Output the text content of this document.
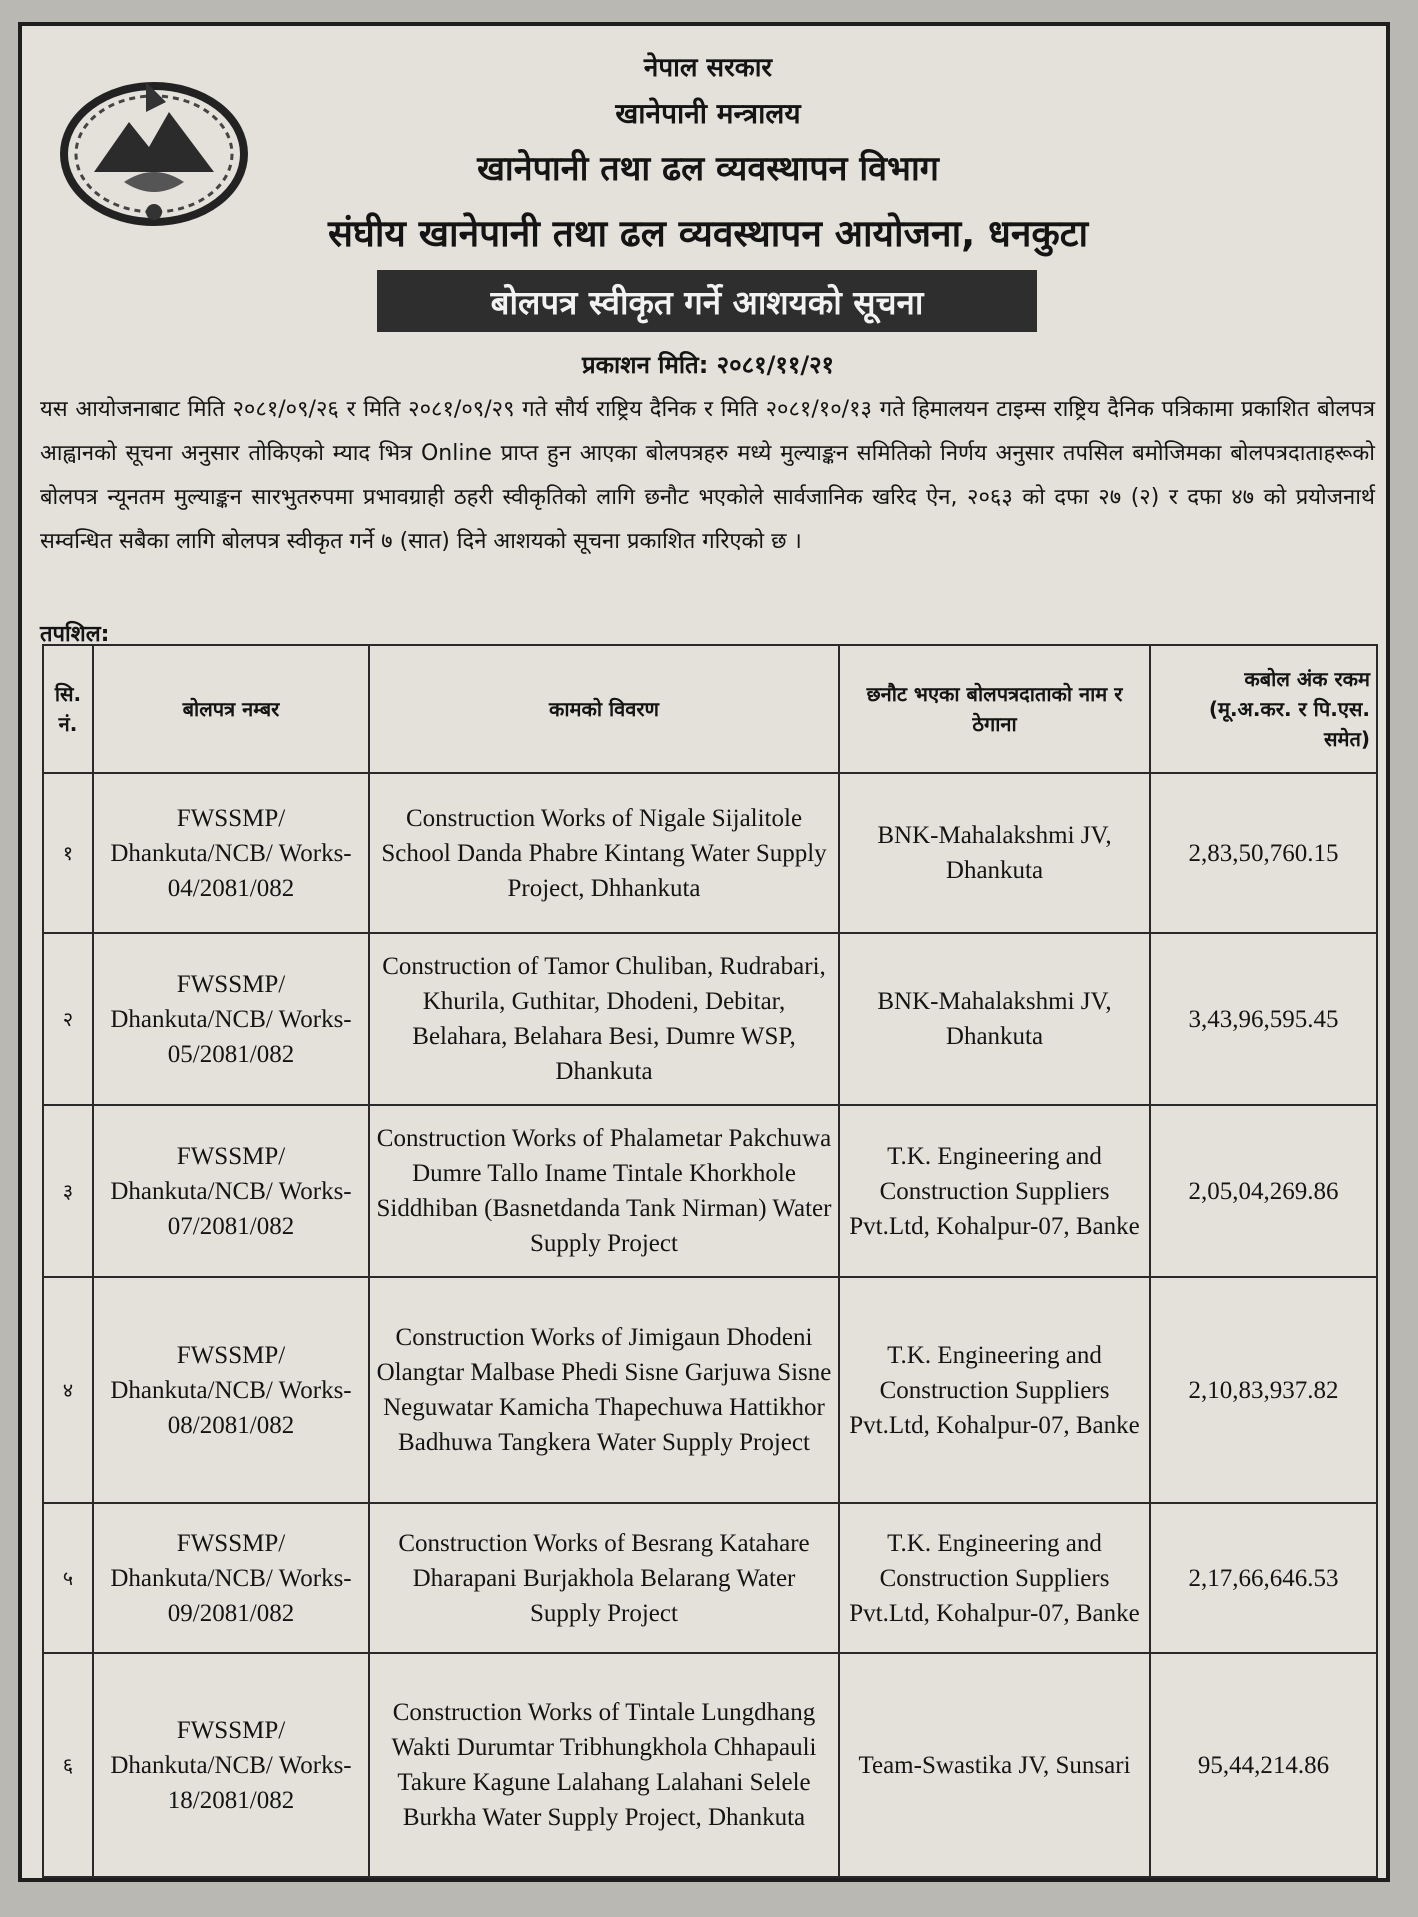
नेपाल सरकार
खानेपानी मन्त्रालय
खानेपानी तथा ढल व्यवस्थापन विभाग
संघीय खानेपानी तथा ढल व्यवस्थापन आयोजना, धनकुटा
बोलपत्र स्वीकृत गर्ने आशयको सूचना
प्रकाशन मिति: २०८१/११/२१

यस आयोजनाबाट मिति २०८१/०९/२६ र मिति २०८१/०९/२९ गते सौर्य राष्ट्रिय दैनिक र मिति २०८१/१०/१३ गते हिमालयन टाइम्स राष्ट्रिय दैनिक पत्रिकामा प्रकाशित बोलपत्र आह्वानको सूचना अनुसार तोकिएको म्याद भित्र Online प्राप्त हुन आएका बोलपत्रहरु मध्ये मुल्याङ्कन समितिको निर्णय अनुसार तपसिल बमोजिमका बोलपत्रदाताहरूको बोलपत्र न्यूनतम मुल्याङ्कन सारभुतरुपमा प्रभावग्राही ठहरी स्वीकृतिको लागि छनौट भएकोले सार्वजानिक खरिद ऐन, २०६३ को दफा २७ (२) र दफा ४७ को प्रयोजनार्थ सम्वन्धित सबैका लागि बोलपत्र स्वीकृत गर्ने ७ (सात) दिने आशयको सूचना प्रकाशित गरिएको छ ।

तपशिल:
सि. नं.	बोलपत्र नम्बर	कामको विवरण	छनौट भएका बोलपत्रदाताको नाम र ठेगाना	कबोल अंक रकम (मू.अ.कर. र पि.एस. समेत)
१	FWSSMP/ Dhankuta/NCB/ Works-04/2081/082	Construction Works of Nigale Sijalitole School Danda Phabre Kintang Water Supply Project, Dhhankuta	BNK-Mahalakshmi JV, Dhankuta	2,83,50,760.15
२	FWSSMP/ Dhankuta/NCB/ Works-05/2081/082	Construction of Tamor Chuliban, Rudrabari, Khurila, Guthitar, Dhodeni, Debitar, Belahara, Belahara Besi, Dumre WSP, Dhankuta	BNK-Mahalakshmi JV, Dhankuta	3,43,96,595.45
३	FWSSMP/ Dhankuta/NCB/ Works-07/2081/082	Construction Works of Phalametar Pakchuwa Dumre Tallo Iname Tintale Khorkhole Siddhiban (Basnetdanda Tank Nirman) Water Supply Project	T.K. Engineering and Construction Suppliers Pvt.Ltd, Kohalpur-07, Banke	2,05,04,269.86
४	FWSSMP/ Dhankuta/NCB/ Works-08/2081/082	Construction Works of Jimigaun Dhodeni Olangtar Malbase Phedi Sisne Garjuwa Sisne Neguwatar Kamicha Thapechuwa Hattikhor Badhuwa Tangkera Water Supply Project	T.K. Engineering and Construction Suppliers Pvt.Ltd, Kohalpur-07, Banke	2,10,83,937.82
५	FWSSMP/ Dhankuta/NCB/ Works-09/2081/082	Construction Works of Besrang Katahare Dharapani Burjakhola Belarang Water Supply Project	T.K. Engineering and Construction Suppliers Pvt.Ltd, Kohalpur-07, Banke	2,17,66,646.53
६	FWSSMP/ Dhankuta/NCB/ Works-18/2081/082	Construction Works of Tintale Lungdhang Wakti Durumtar Tribhungkhola Chhapauli Takure Kagune Lalahang Lalahani Selele Burkha Water Supply Project, Dhankuta	Team-Swastika JV, Sunsari	95,44,214.86
